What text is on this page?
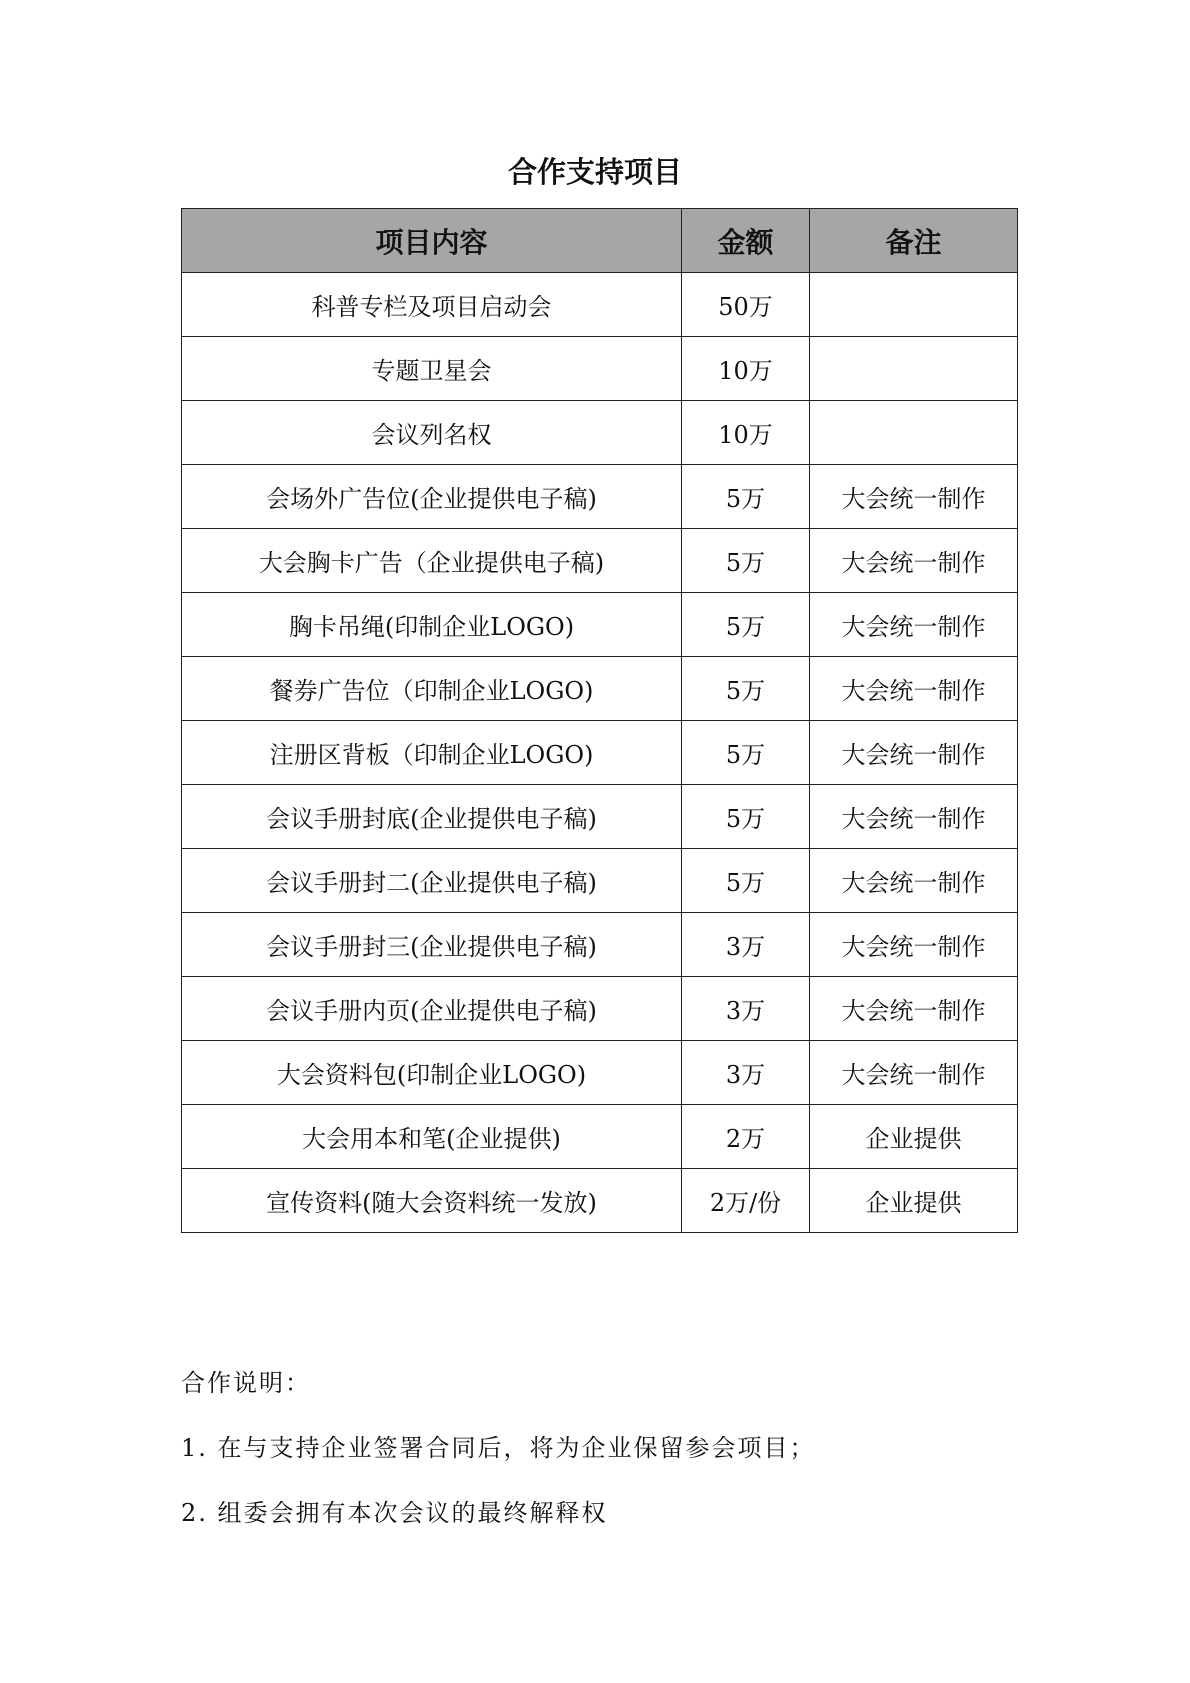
合作支持项目
项目内容	金额	备注
科普专栏及项目启动会	50万	
专题卫星会	10万	
会议列名权	10万	
会场外广告位(企业提供电子稿)	5万	大会统一制作
大会胸卡广告（企业提供电子稿)	5万	大会统一制作
胸卡吊绳(印制企业LOGO)	5万	大会统一制作
餐券广告位（印制企业LOGO)	5万	大会统一制作
注册区背板（印制企业LOGO)	5万	大会统一制作
会议手册封底(企业提供电子稿)	5万	大会统一制作
会议手册封二(企业提供电子稿)	5万	大会统一制作
会议手册封三(企业提供电子稿)	3万	大会统一制作
会议手册内页(企业提供电子稿)	3万	大会统一制作
大会资料包(印制企业LOGO)	3万	大会统一制作
大会用本和笔(企业提供)	2万	企业提供
宣传资料(随大会资料统一发放)	2万/份	企业提供

合作说明：

1. 在与支持企业签署合同后，将为企业保留参会项目；

2. 组委会拥有本次会议的最终解释权
